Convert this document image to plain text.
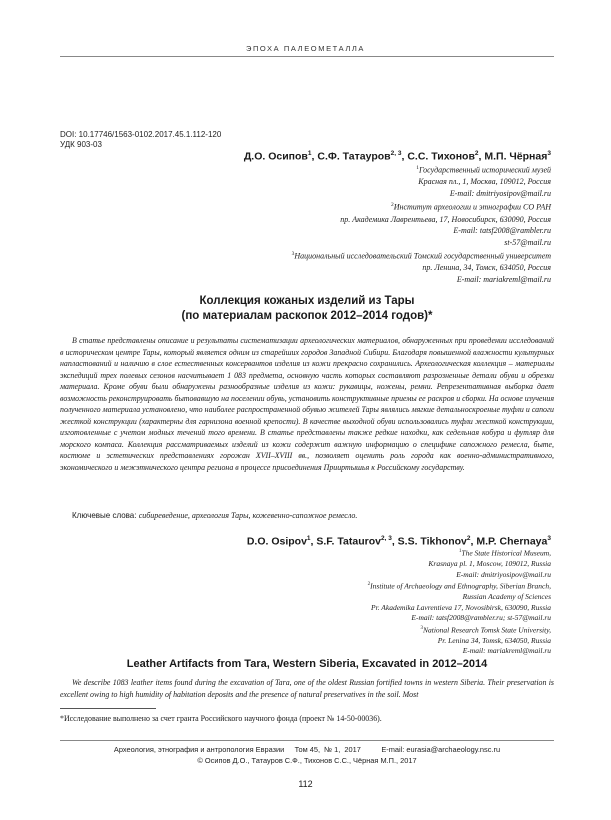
ЭПОХА ПАЛЕОМЕТАЛЛА
DOI: 10.17746/1563-0102.2017.45.1.112-120
УДК 903-03
Д.О. Осипов$^1$, С.Ф. Татауров$^{2, 3}$, С.С. Тихонов$^2$, М.П. Чёрная$^3$
$^1$Государственный исторический музей
Красная пл., 1, Москва, 109012, Россия
E-mail: dmitriyosipov@mail.ru
$^2$Институт археологии и этнографии СО РАН
пр. Академика Лаврентьева, 17, Новосибирск, 630090, Россия
E-mail: tatsf2008@rambler.ru
st-57@mail.ru
$^3$Национальный исследовательский Томский государственный университет
пр. Ленина, 34, Томск, 634050, Россия
E-mail: mariakreml@mail.ru
Коллекция кожаных изделий из Тары
(по материалам раскопок 2012–2014 годов)*
В статье представлены описание и результаты систематизации археологических материалов, обнаруженных при проведении исследований в историческом центре Тары, который является одним из старейших городов Западной Сибири. Благодаря повышенной влажности культурных напластований и наличию в слое естественных консервантов изделия из кожи прекрасно сохранились. Археологическая коллекция – материалы экспедиций трех полевых сезонов насчитывает 1 083 предмета, основную часть которых составляют разрозненные детали обуви и обрезки материала. Кроме обуви были обнаружены разнообразные изделия из кожи: рукавицы, ножены, ремни. Репрезентативная выборка дает возможность реконструировать бытовавшую на поселении обувь, установить конструктивные приемы ее раскроя и сборки. На основе изучения полученного материала установлено, что наиболее распространенной обувью жителей Тары являлись мягкие детальноскроеные туфли и сапоги жесткой конструкции (характерны для гарнизона военной крепости). В качестве выходной обуви использовались туфли жесткой конструкции, изготовленные с учетом модных течений того времени. В статье представлены также редкие находки, как седельная кобура и футляр для морского компаса. Коллекция рассматриваемых изделий из кожи содержит важную информацию о специфике сапожного ремесла, быте, костюме и эстетических представлениях горожан XVII–XVIII вв., позволяет оценить роль города как военно-административного, экономического и межэтнического центра региона в процессе присоединения Прииртышья к Российскому государству.
Ключевые слова: сибиреведение, археология Тары, кожевенно-сапожное ремесло.
D.O. Osipov$^1$, S.F. Tataurov$^{2, 3}$, S.S. Tikhonov$^2$, M.P. Chernaya$^3$
$^1$The State Historical Museum,
Krasnaya pl. 1, Moscow, 109012, Russia
E-mail: dmitriyosipov@mail.ru
$^2$Institute of Archaeology and Ethnography, Siberian Branch,
Russian Academy of Sciences
Pr. Akademika Lavrentieva 17, Novosibirsk, 630090, Russia
E-mail: tatsf2008@rambler.ru; st-57@mail.ru
$^3$National Research Tomsk State University,
Pr. Lenina 34, Tomsk, 634050, Russia
E-mail: mariakreml@mail.ru
Leather Artifacts from Tara, Western Siberia, Excavated in 2012–2014
We describe 1083 leather items found during the excavation of Tara, one of the oldest Russian fortified towns in western Siberia. Their preservation is excellent owing to high humidity of habitation deposits and the presence of natural preservatives in the soil. Most
*Исследование выполнено за счет гранта Российского научного фонда (проект № 14-50-00036).
Археология, этнография и антропология Евразии     Том 45,  № 1,  2017          E-mail: eurasia@archaeology.nsc.ru
© Осипов Д.О., Татауров С.Ф., Тихонов С.С., Чёрная М.П., 2017
112
